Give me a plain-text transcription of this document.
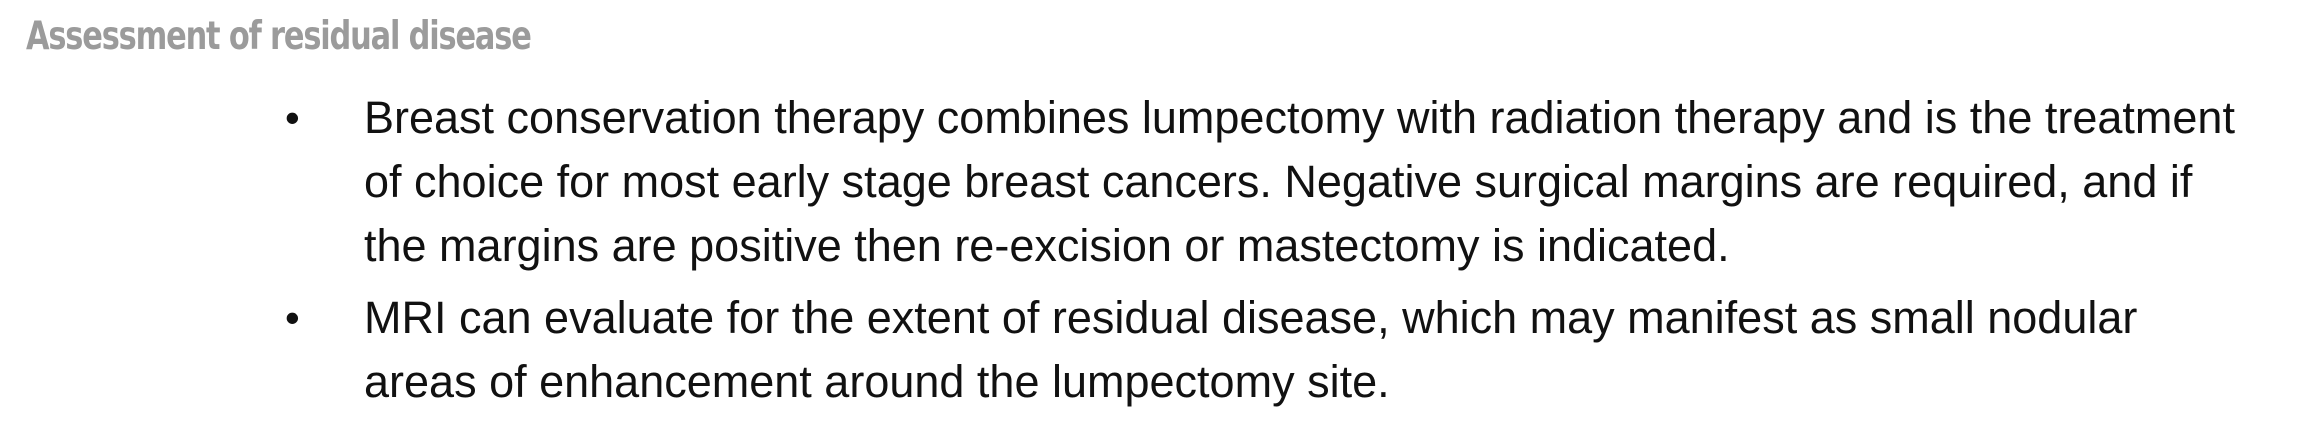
Assessment of residual disease
• Breast conservation therapy combines lumpectomy with radiation therapy and is the treatment of choice for most early stage breast cancers. Negative surgical margins are required, and if the margins are positive then re-excision or mastectomy is indicated.
• MRI can evaluate for the extent of residual disease, which may manifest as small nodular areas of enhancement around the lumpectomy site.
